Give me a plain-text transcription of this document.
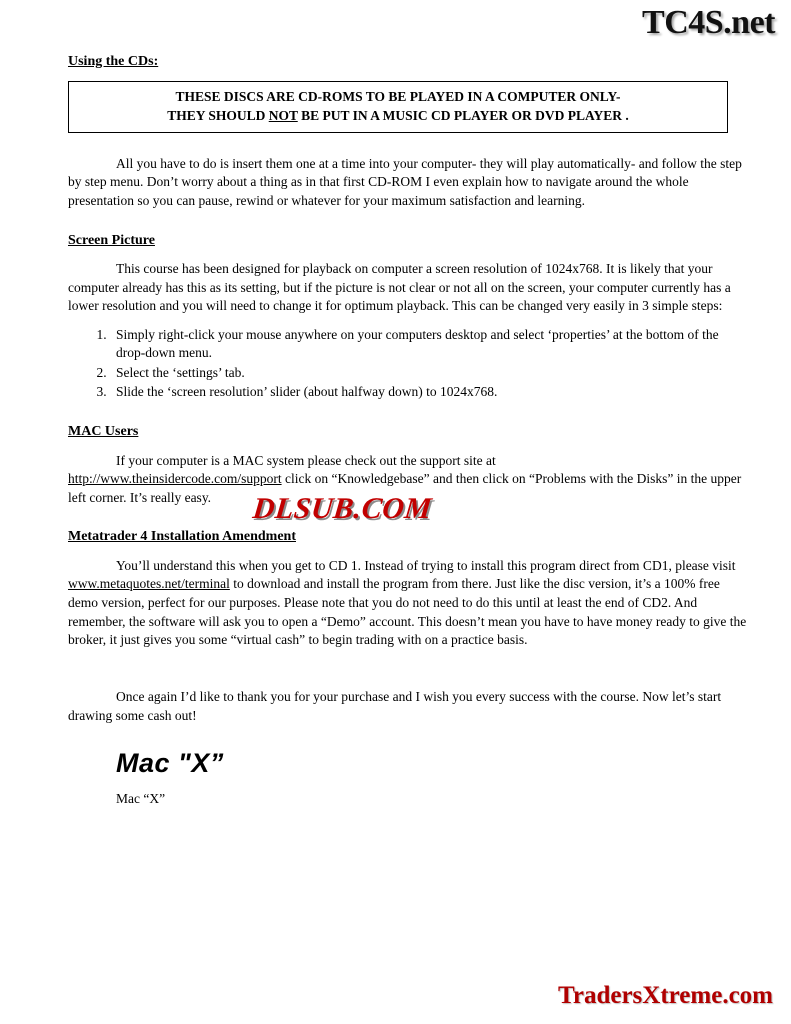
TC4S.net
DLSUB.COM
TradersXtreme.com
Using the CDs:
THESE DISCS ARE CD-ROMS TO BE PLAYED IN A COMPUTER ONLY-
THEY SHOULD NOT BE PUT IN A MUSIC CD PLAYER OR DVD PLAYER .

All you have to do is insert them one at a time into your computer- they will play automatically- and follow the step by step menu. Don’t worry about a thing as in that first CD-ROM I even explain how to navigate around the whole presentation so you can pause, rewind or whatever for your maximum satisfaction and learning.

Screen Picture

This course has been designed for playback on computer a screen resolution of 1024x768. It is likely that your computer already has this as its setting, but if the picture is not clear or not all on the screen, your computer currently has a lower resolution and you will need to change it for optimum playback. This can be changed very easily in 3 simple steps:

1. Simply right-click your mouse anywhere on your computers desktop and select ‘properties’ at the bottom of the drop-down menu.
2. Select the ‘settings’ tab.
3. Slide the ‘screen resolution’ slider (about halfway down) to 1024x768.
MAC Users

If your computer is a MAC system please check out the support site at

http://www.theinsidercode.com/support click on “Knowledgebase” and then click on “Problems with the Disks” in the upper left corner. It’s really easy.

Metatrader 4 Installation Amendment

You’ll understand this when you get to CD 1. Instead of trying to install this program direct from CD1, please visit www.metaquotes.net/terminal to download and install the program from there. Just like the disc version, it’s a 100% free demo version, perfect for our purposes. Please note that you do not need to do this until at least the end of CD2. And remember, the software will ask you to open a “Demo” account. This doesn’t mean you have to have money ready to give the broker, it just gives you some “virtual cash” to begin trading with on a practice basis.

Once again I’d like to thank you for your purchase and I wish you every success with the course. Now let’s start drawing some cash out!

Mac "X”
Mac “X”
